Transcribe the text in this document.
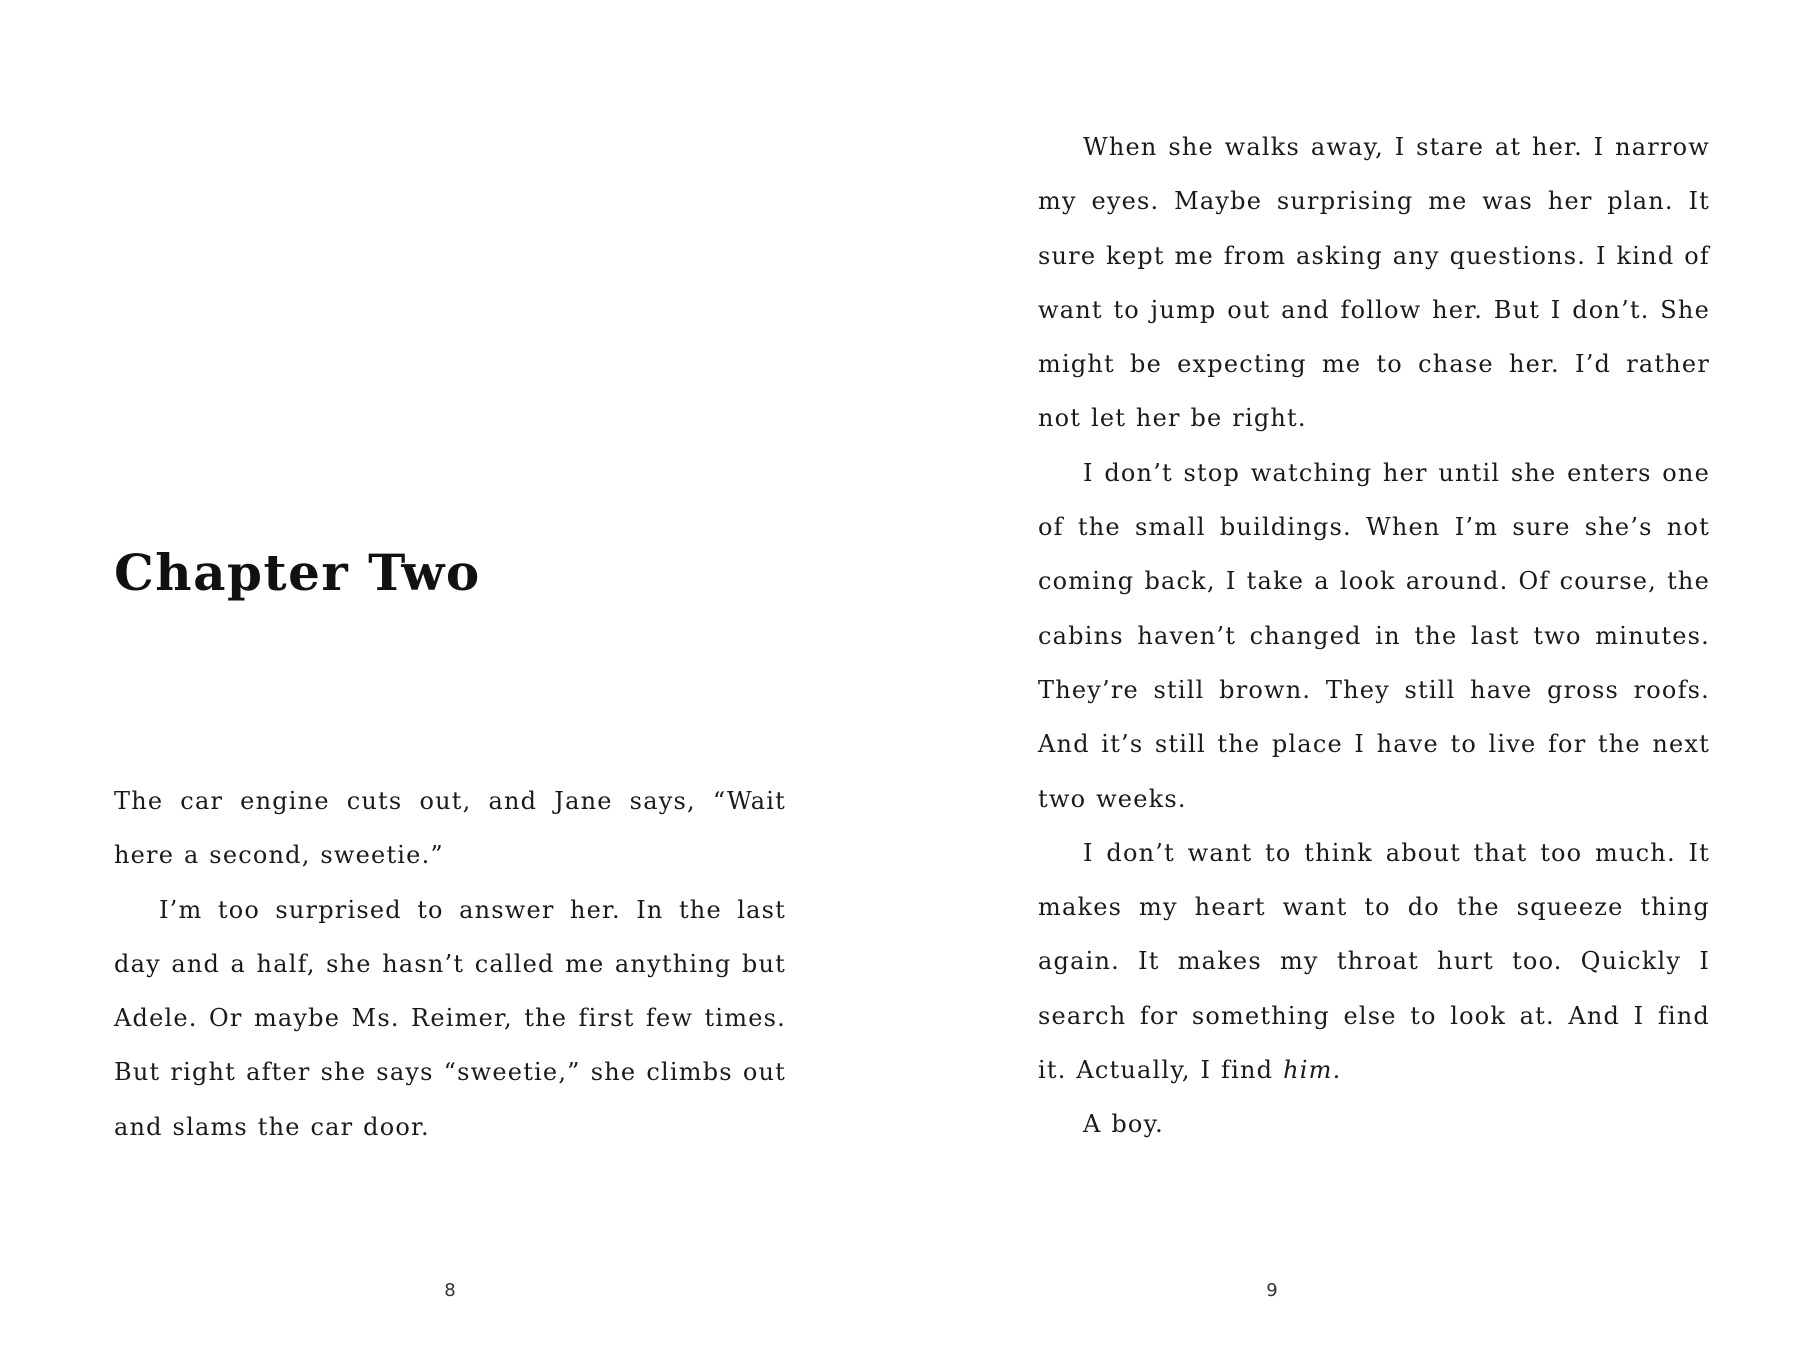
Chapter Two

The car engine cuts out, and Jane says, “Wait here a second, sweetie.”

I’m too surprised to answer her. In the last day and a half, she hasn’t called me anything but Adele. Or maybe Ms. Reimer, the first few times. But right after she says “sweetie,” she climbs out and slams the car door.

8

When she walks away, I stare at her. I narrow my eyes. Maybe surprising me was her plan. It sure kept me from asking any questions. I kind of want to jump out and follow her. But I don’t. She might be expecting me to chase her. I’d rather not let her be right.

I don’t stop watching her until she enters one of the small buildings. When I’m sure she’s not coming back, I take a look around. Of course, the cabins haven’t changed in the last two minutes. They’re still brown. They still have gross roofs. And it’s still the place I have to live for the next two weeks.

I don’t want to think about that too much. It makes my heart want to do the squeeze thing again. It makes my throat hurt too. Quickly I search for something else to look at. And I find it. Actually, I find him.

A boy.

9
